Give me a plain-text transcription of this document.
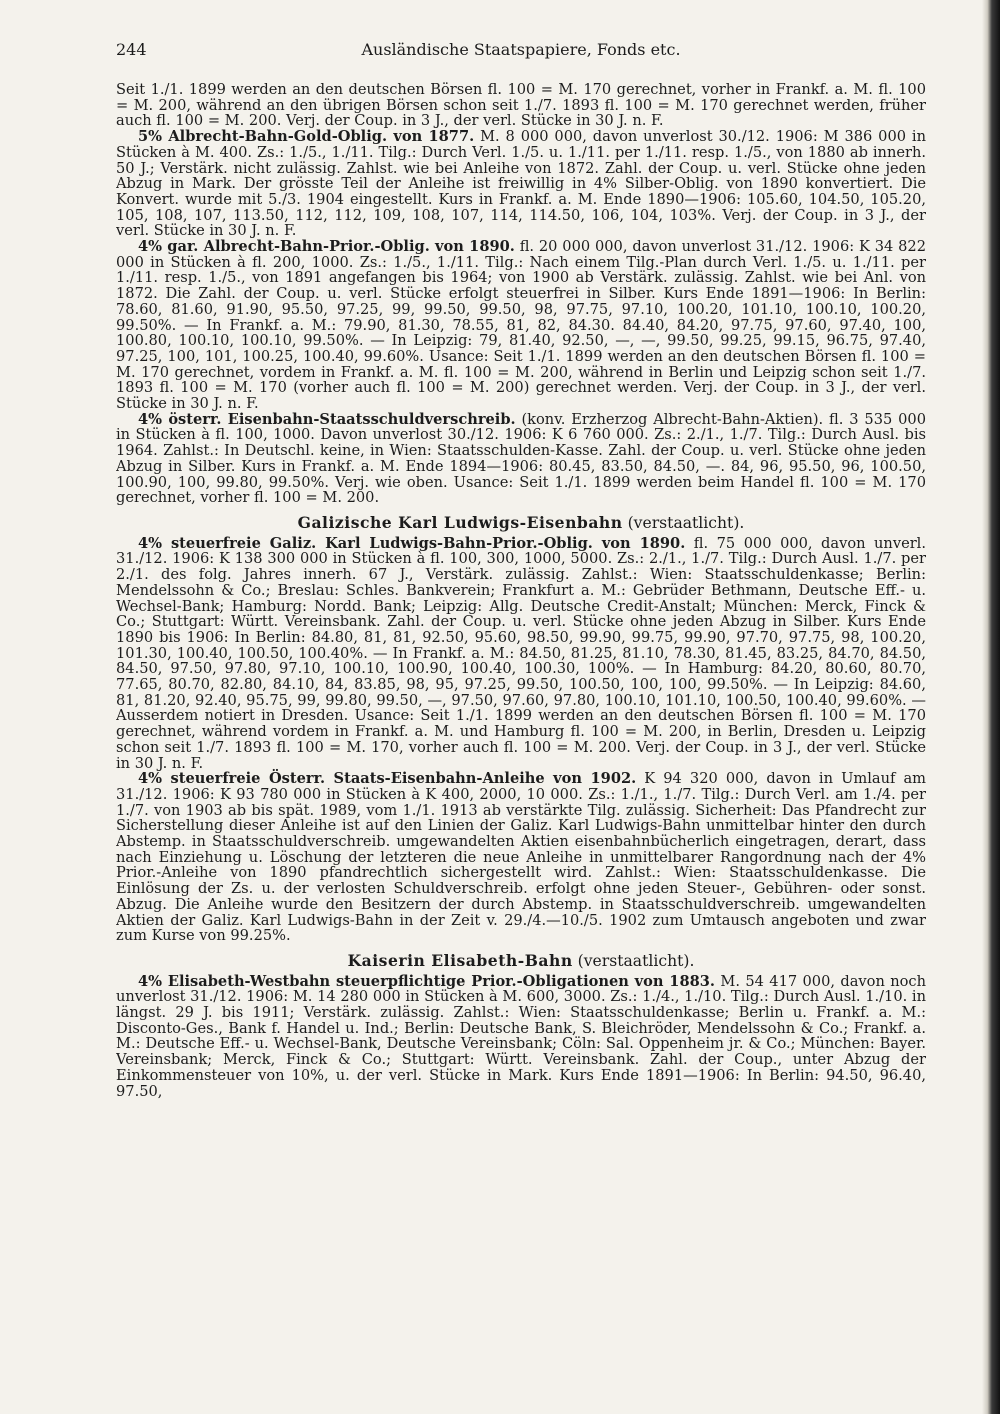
244	Ausländische Staatspapiere, Fonds etc.

Seit 1./1. 1899 werden an den deutschen Börsen fl. 100 = M. 170 gerechnet, vorher in Frankf. a. M. fl. 100 = M. 200, während an den übrigen Börsen schon seit 1./7. 1893 fl. 100 = M. 170 gerechnet werden, früher auch fl. 100 = M. 200. Verj. der Coup. in 3 J., der verl. Stücke in 30 J. n. F.

5% Albrecht-Bahn-Gold-Oblig. von 1877. M. 8 000 000, davon unverlost 30./12. 1906: M 386 000 in Stücken à M. 400. Zs.: 1./5., 1./11. Tilg.: Durch Verl. 1./5. u. 1./11. per 1./11. resp. 1./5., von 1880 ab innerh. 50 J.; Verstärk. nicht zulässig. Zahlst. wie bei Anleihe von 1872. Zahl. der Coup. u. verl. Stücke ohne jeden Abzug in Mark. Der grösste Teil der Anleihe ist freiwillig in 4% Silber-Oblig. von 1890 konvertiert. Die Konvert. wurde mit 5./3. 1904 eingestellt. Kurs in Frankf. a. M. Ende 1890—1906: 105.60, 104.50, 105.20, 105, 108, 107, 113.50, 112, 112, 109, 108, 107, 114, 114.50, 106, 104, 103%. Verj. der Coup. in 3 J., der verl. Stücke in 30 J. n. F.

4% gar. Albrecht-Bahn-Prior.-Oblig. von 1890. fl. 20 000 000, davon unverlost 31./12. 1906: K 34 822 000 in Stücken à fl. 200, 1000. Zs.: 1./5., 1./11. Tilg.: Nach einem Tilg.-Plan durch Verl. 1./5. u. 1./11. per 1./11. resp. 1./5., von 1891 angefangen bis 1964; von 1900 ab Verstärk. zulässig. Zahlst. wie bei Anl. von 1872. Die Zahl. der Coup. u. verl. Stücke erfolgt steuerfrei in Silber. Kurs Ende 1891—1906: In Berlin: 78.60, 81.60, 91.90, 95.50, 97.25, 99, 99.50, 99.50, 98, 97.75, 97.10, 100.20, 101.10, 100.10, 100.20, 99.50%. — In Frankf. a. M.: 79.90, 81.30, 78.55, 81, 82, 84.30. 84.40, 84.20, 97.75, 97.60, 97.40, 100, 100.80, 100.10, 100.10, 99.50%. — In Leipzig: 79, 81.40, 92.50, —, —, 99.50, 99.25, 99.15, 96.75, 97.40, 97.25, 100, 101, 100.25, 100.40, 99.60%. Usance: Seit 1./1. 1899 werden an den deutschen Börsen fl. 100 = M. 170 gerechnet, vordem in Frankf. a. M. fl. 100 = M. 200, während in Berlin und Leipzig schon seit 1./7. 1893 fl. 100 = M. 170 (vorher auch fl. 100 = M. 200) gerechnet werden. Verj. der Coup. in 3 J., der verl. Stücke in 30 J. n. F.

4% österr. Eisenbahn-Staatsschuldverschreib. (konv. Erzherzog Albrecht-Bahn-Aktien). fl. 3 535 000 in Stücken à fl. 100, 1000. Davon unverlost 30./12. 1906: K 6 760 000. Zs.: 2./1., 1./7. Tilg.: Durch Ausl. bis 1964. Zahlst.: In Deutschl. keine, in Wien: Staatsschulden-Kasse. Zahl. der Coup. u. verl. Stücke ohne jeden Abzug in Silber. Kurs in Frankf. a. M. Ende 1894—1906: 80.45, 83.50, 84.50, —. 84, 96, 95.50, 96, 100.50, 100.90, 100, 99.80, 99.50%. Verj. wie oben. Usance: Seit 1./1. 1899 werden beim Handel fl. 100 = M. 170 gerechnet, vorher fl. 100 = M. 200.

Galizische Karl Ludwigs-Eisenbahn (verstaatlicht).

4% steuerfreie Galiz. Karl Ludwigs-Bahn-Prior.-Oblig. von 1890. fl. 75 000 000, davon unverl. 31./12. 1906: K 138 300 000 in Stücken à fl. 100, 300, 1000, 5000. Zs.: 2./1., 1./7. Tilg.: Durch Ausl. 1./7. per 2./1. des folg. Jahres innerh. 67 J., Verstärk. zulässig. Zahlst.: Wien: Staatsschuldenkasse; Berlin: Mendelssohn & Co.; Breslau: Schles. Bankverein; Frankfurt a. M.: Gebrüder Bethmann, Deutsche Eff.- u. Wechsel-Bank; Hamburg: Nordd. Bank; Leipzig: Allg. Deutsche Credit-Anstalt; München: Merck, Finck & Co.; Stuttgart: Württ. Vereinsbank. Zahl. der Coup. u. verl. Stücke ohne jeden Abzug in Silber. Kurs Ende 1890 bis 1906: In Berlin: 84.80, 81, 81, 92.50, 95.60, 98.50, 99.90, 99.75, 99.90, 97.70, 97.75, 98, 100.20, 101.30, 100.40, 100.50, 100.40%. — In Frankf. a. M.: 84.50, 81.25, 81.10, 78.30, 81.45, 83.25, 84.70, 84.50, 84.50, 97.50, 97.80, 97.10, 100.10, 100.90, 100.40, 100.30, 100%. — In Hamburg: 84.20, 80.60, 80.70, 77.65, 80.70, 82.80, 84.10, 84, 83.85, 98, 95, 97.25, 99.50, 100.50, 100, 100, 99.50%. — In Leipzig: 84.60, 81, 81.20, 92.40, 95.75, 99, 99.80, 99.50, —, 97.50, 97.60, 97.80, 100.10, 101.10, 100.50, 100.40, 99.60%. — Ausserdem notiert in Dresden. Usance: Seit 1./1. 1899 werden an den deutschen Börsen fl. 100 = M. 170 gerechnet, während vordem in Frankf. a. M. und Hamburg fl. 100 = M. 200, in Berlin, Dresden u. Leipzig schon seit 1./7. 1893 fl. 100 = M. 170, vorher auch fl. 100 = M. 200. Verj. der Coup. in 3 J., der verl. Stücke in 30 J. n. F.

4% steuerfreie Österr. Staats-Eisenbahn-Anleihe von 1902. K 94 320 000, davon in Umlauf am 31./12. 1906: K 93 780 000 in Stücken à K 400, 2000, 10 000. Zs.: 1./1., 1./7. Tilg.: Durch Verl. am 1./4. per 1./7. von 1903 ab bis spät. 1989, vom 1./1. 1913 ab verstärkte Tilg. zulässig. Sicherheit: Das Pfandrecht zur Sicherstellung dieser Anleihe ist auf den Linien der Galiz. Karl Ludwigs-Bahn unmittelbar hinter den durch Abstemp. in Staatsschuldverschreib. umgewandelten Aktien eisenbahnbücherlich eingetragen, derart, dass nach Einziehung u. Löschung der letzteren die neue Anleihe in unmittelbarer Rangordnung nach der 4% Prior.-Anleihe von 1890 pfandrechtlich sichergestellt wird. Zahlst.: Wien: Staatsschuldenkasse. Die Einlösung der Zs. u. der verlosten Schuldverschreib. erfolgt ohne jeden Steuer-, Gebühren- oder sonst. Abzug. Die Anleihe wurde den Besitzern der durch Abstemp. in Staatsschuldverschreib. umgewandelten Aktien der Galiz. Karl Ludwigs-Bahn in der Zeit v. 29./4.—10./5. 1902 zum Umtausch angeboten und zwar zum Kurse von 99.25%.

Kaiserin Elisabeth-Bahn (verstaatlicht).

4% Elisabeth-Westbahn steuerpflichtige Prior.-Obligationen von 1883. M. 54 417 000, davon noch unverlost 31./12. 1906: M. 14 280 000 in Stücken à M. 600, 3000. Zs.: 1./4., 1./10. Tilg.: Durch Ausl. 1./10. in längst. 29 J. bis 1911; Verstärk. zulässig. Zahlst.: Wien: Staatsschuldenkasse; Berlin u. Frankf. a. M.: Disconto-Ges., Bank f. Handel u. Ind.; Berlin: Deutsche Bank, S. Bleichröder, Mendelssohn & Co.; Frankf. a. M.: Deutsche Eff.- u. Wechsel-Bank, Deutsche Vereinsbank; Cöln: Sal. Oppenheim jr. & Co.; München: Bayer. Vereinsbank; Merck, Finck & Co.; Stuttgart: Württ. Vereinsbank. Zahl. der Coup., unter Abzug der Einkommensteuer von 10%, u. der verl. Stücke in Mark. Kurs Ende 1891—1906: In Berlin: 94.50, 96.40, 97.50,
